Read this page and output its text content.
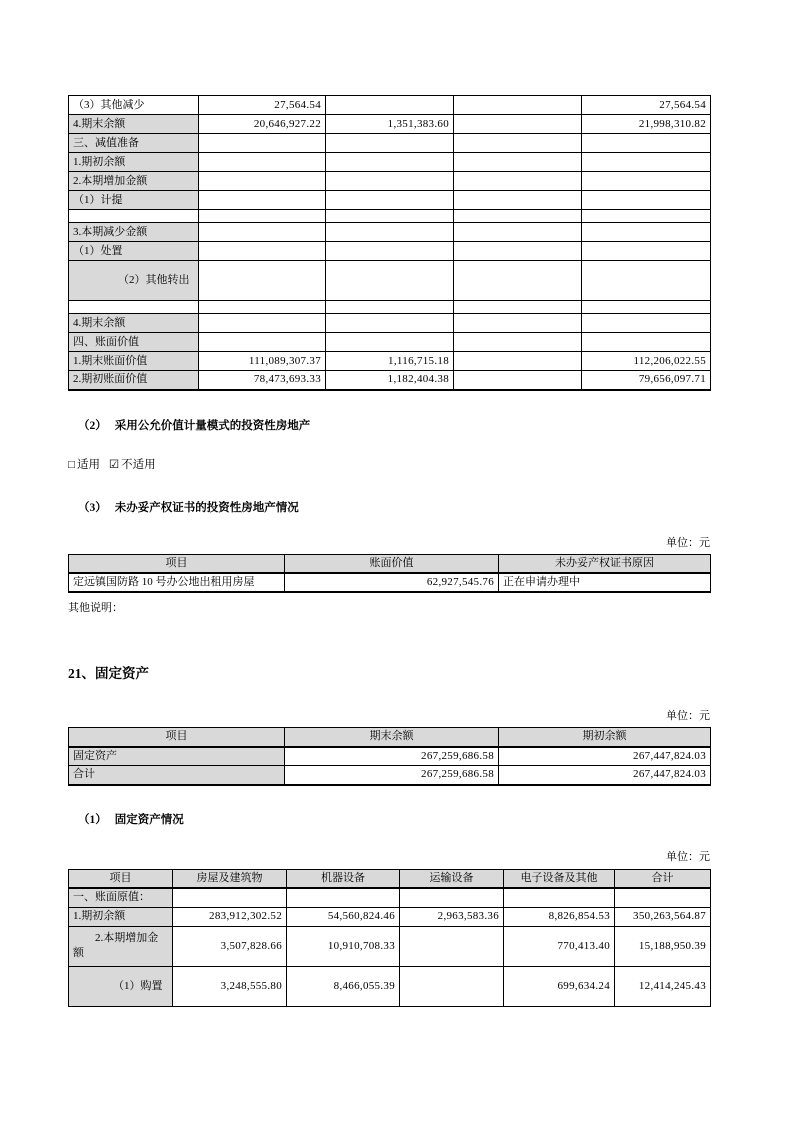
（3）其他减少	27,564.54			27,564.54
4.期末余额	20,646,927.22	1,351,383.60		21,998,310.82
三、减值准备				
1.期初余额				
2.本期增加金额				
（1）计提				

3.本期减少金额				
（1）处置				
（2）其他转出				

4.期末余额				
四、账面价值				
1.期末账面价值	111,089,307.37	1,116,715.18		112,206,022.55
2.期初账面价值	78,473,693.33	1,182,404.38		79,656,097.71
（2） 采用公允价值计量模式的投资性房地产
□ 适用 ☑ 不适用
（3） 未办妥产权证书的投资性房地产情况
单位：元
项目	账面价值	未办妥产权证书原因
定远镇国防路 10 号办公地出租用房屋	62,927,545.76	正在申请办理中
其他说明：
21、固定资产
单位：元
项目	期末余额	期初余额
固定资产	267,259,686.58	267,447,824.03
合计	267,259,686.58	267,447,824.03
（1） 固定资产情况
单位：元
项目	房屋及建筑物	机器设备	运输设备	电子设备及其他	合计
一、账面原值：					
1.期初余额	283,912,302.52	54,560,824.46	2,963,583.36	8,826,854.53	350,263,564.87
2.本期增加金额	3,507,828.66	10,910,708.33		770,413.40	15,188,950.39
（1）购置	3,248,555.80	8,466,055.39		699,634.24	12,414,245.43
